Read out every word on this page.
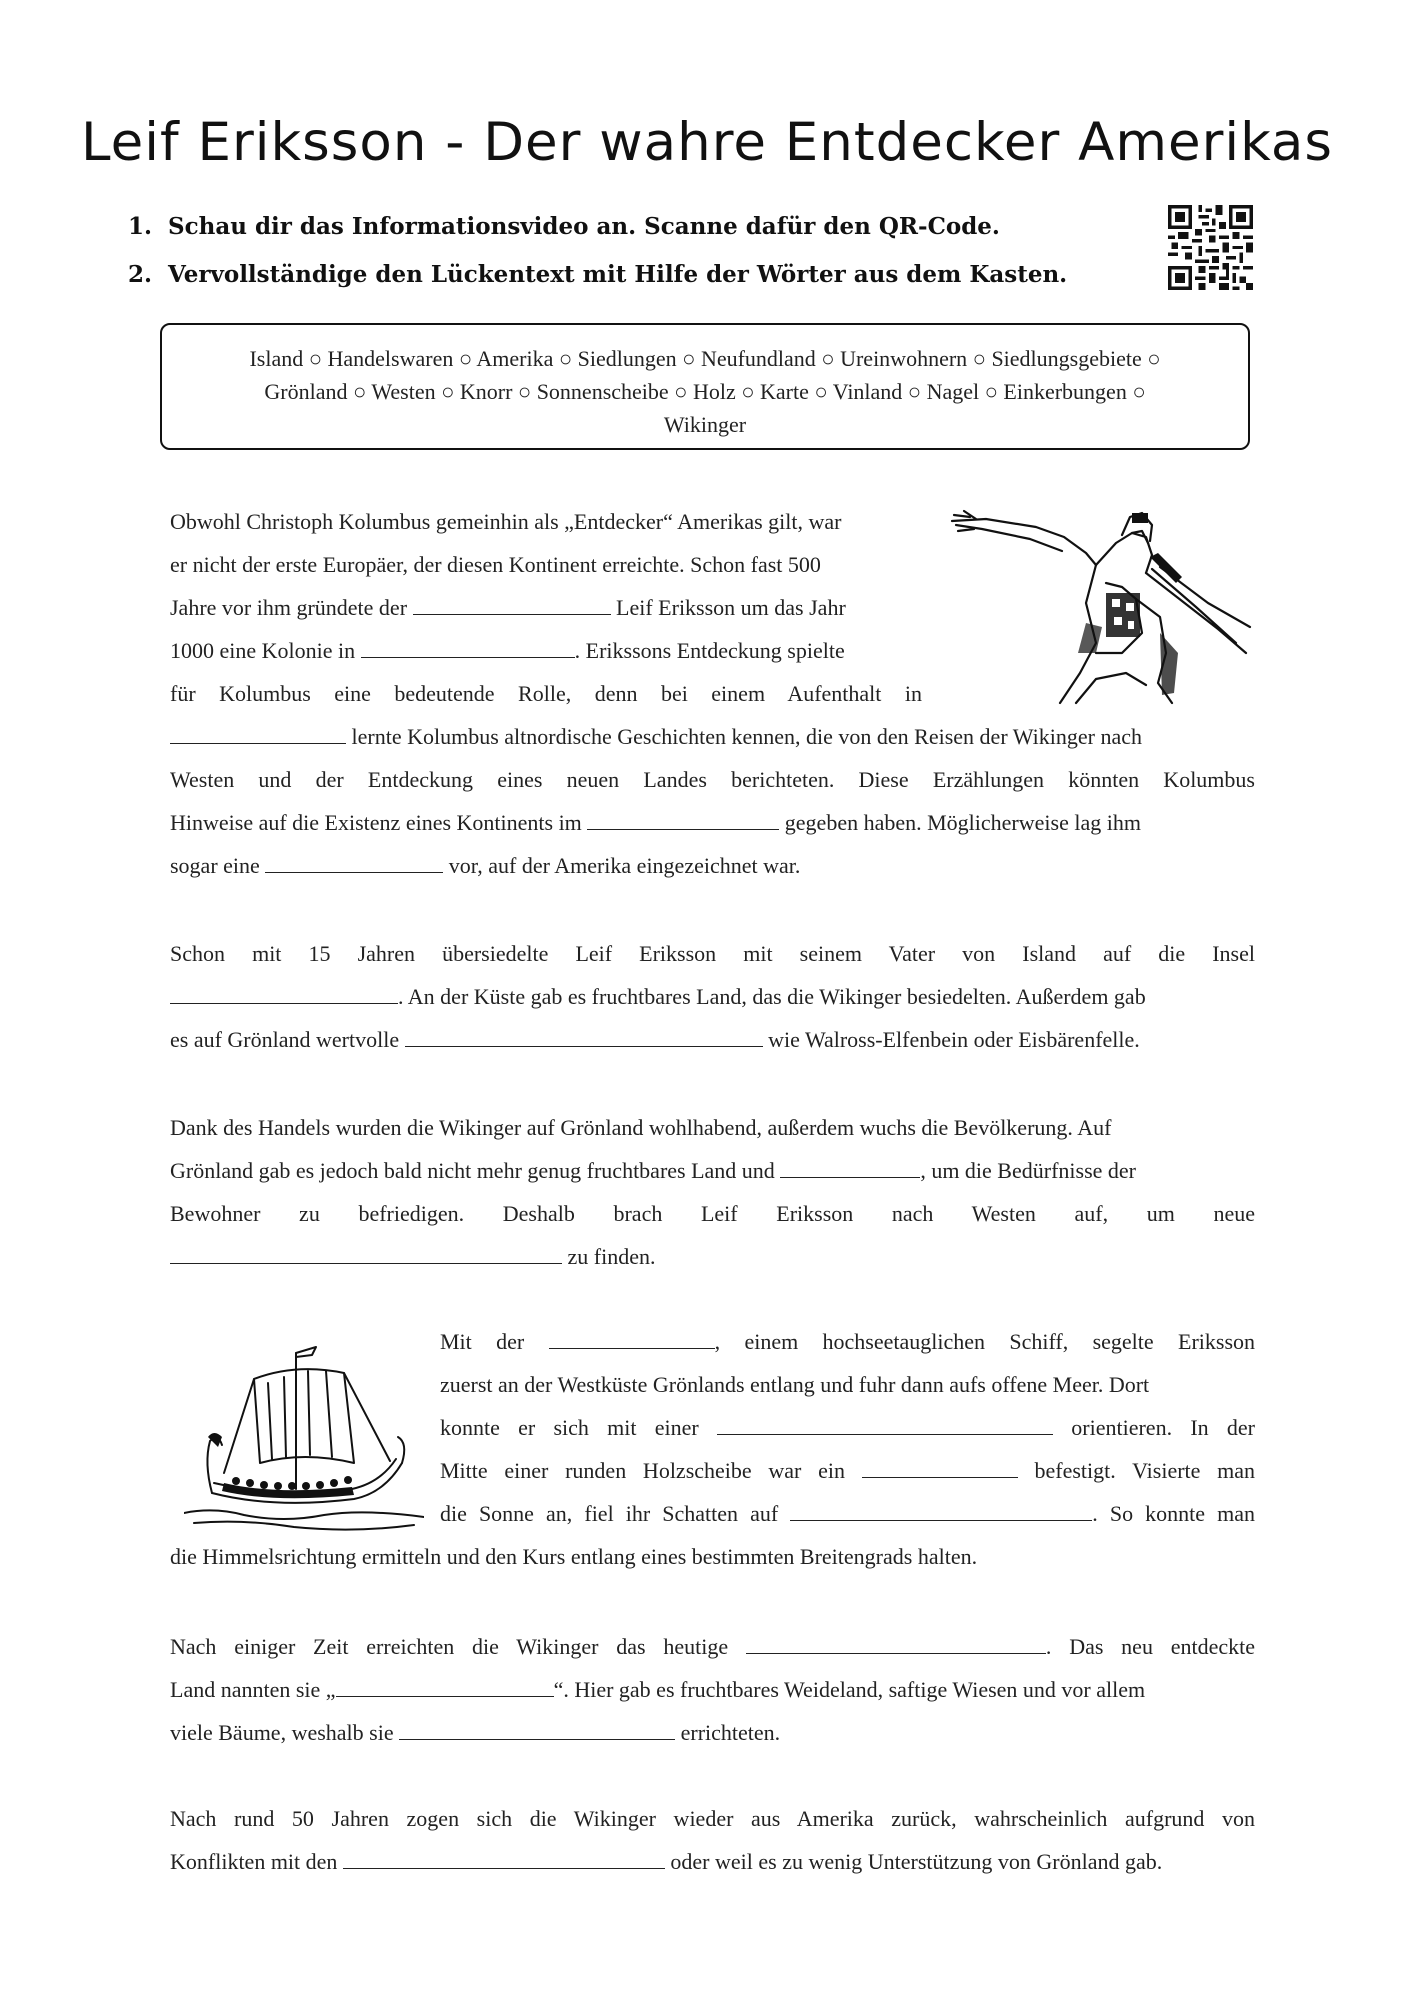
Leif Eriksson - Der wahre Entdecker Amerikas
1. Schau dir das Informationsvideo an. Scanne dafür den QR-Code.
2. Vervollständige den Lückentext mit Hilfe der Wörter aus dem Kasten.
Island ○ Handelswaren ○ Amerika ○ Siedlungen ○ Neufundland ○ Ureinwohnern ○ Siedlungsgebiete ○
Grönland ○ Westen ○ Knorr ○ Sonnenscheibe ○ Holz ○ Karte ○ Vinland ○ Nagel ○ Einkerbungen ○
Wikinger
Obwohl Christoph Kolumbus gemeinhin als „Entdecker“ Amerikas gilt, war
er nicht der erste Europäer, der diesen Kontinent erreichte. Schon fast 500
Jahre vor ihm gründete der	Leif Eriksson um das Jahr
1000 eine Kolonie in	. Erikssons Entdeckung spielte
für Kolumbus eine bedeutende Rolle, denn bei einem Aufenthalt in
lernte Kolumbus altnordische Geschichten kennen, die von den Reisen der Wikinger nach
Westen und der Entdeckung eines neuen Landes berichteten. Diese Erzählungen könnten Kolumbus
Hinweise auf die Existenz eines Kontinents im	gegeben haben. Möglicherweise lag ihm
sogar eine	vor, auf der Amerika eingezeichnet war.
Schon mit 15 Jahren übersiedelte Leif Eriksson mit seinem Vater von Island auf die Insel
. An der Küste gab es fruchtbares Land, das die Wikinger besiedelten. Außerdem gab
es auf Grönland wertvolle	wie Walross-Elfenbein oder Eisbärenfelle.
Dank des Handels wurden die Wikinger auf Grönland wohlhabend, außerdem wuchs die Bevölkerung. Auf
Grönland gab es jedoch bald nicht mehr genug fruchtbares Land und	, um die Bedürfnisse der
Bewohner zu befriedigen. Deshalb brach Leif Eriksson nach Westen auf, um neue
zu finden.
Mit der	, einem hochseetauglichen Schiff, segelte Eriksson
zuerst an der Westküste Grönlands entlang und fuhr dann aufs offene Meer. Dort
konnte er sich mit einer	orientieren. In der
Mitte einer runden Holzscheibe war ein	befestigt. Visierte man
die Sonne an, fiel ihr Schatten auf	. So konnte man
die Himmelsrichtung ermitteln und den Kurs entlang eines bestimmten Breitengrads halten.
Nach einiger Zeit erreichten die Wikinger das heutige	. Das neu entdeckte
Land nannten sie „	“. Hier gab es fruchtbares Weideland, saftige Wiesen und vor allem
viele Bäume, weshalb sie	errichteten.
Nach rund 50 Jahren zogen sich die Wikinger wieder aus Amerika zurück, wahrscheinlich aufgrund von
Konflikten mit den	oder weil es zu wenig Unterstützung von Grönland gab.
